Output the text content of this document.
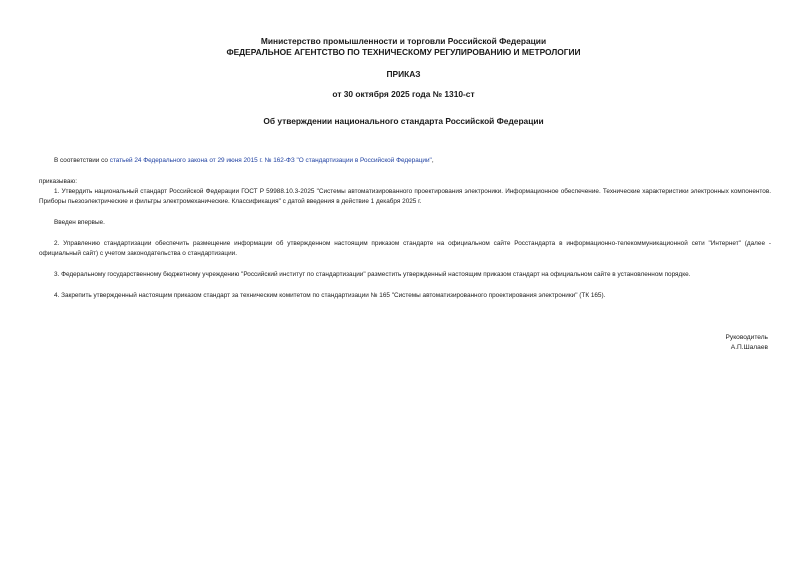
Министерство промышленности и торговли Российской Федерации
ФЕДЕРАЛЬНОЕ АГЕНТСТВО ПО ТЕХНИЧЕСКОМУ РЕГУЛИРОВАНИЮ И МЕТРОЛОГИИ
ПРИКАЗ
от 30 октября 2025 года № 1310-ст
Об утверждении национального стандарта Российской Федерации
В соответствии со статьей 24 Федерального закона от 29 июня 2015 г. № 162-ФЗ "О стандартизации в Российской Федерации",
приказываю:
1. Утвердить национальный стандарт Российской Федерации ГОСТ Р 59988.10.3-2025 "Системы автоматизированного проектирования электроники. Информационное обеспечение. Технические характеристики электронных компонентов. Приборы пьезоэлектрические и фильтры электромеханические. Классификация" с датой введения в действие 1 декабря 2025 г.
Введен впервые.
2. Управлению стандартизации обеспечить размещение информации об утвержденном настоящим приказом стандарте на официальном сайте Росстандарта в информационно-телекоммуникационной сети "Интернет" (далее - официальный сайт) с учетом законодательства о стандартизации.
3. Федеральному государственному бюджетному учреждению "Российский институт по стандартизации" разместить утвержденный настоящим приказом стандарт на официальном сайте в установленном порядке.
4. Закрепить утвержденный настоящим приказом стандарт за техническим комитетом по стандартизации № 165 "Системы автоматизированного проектирования электроники" (ТК 165).
Руководитель
А.П.Шалаев
